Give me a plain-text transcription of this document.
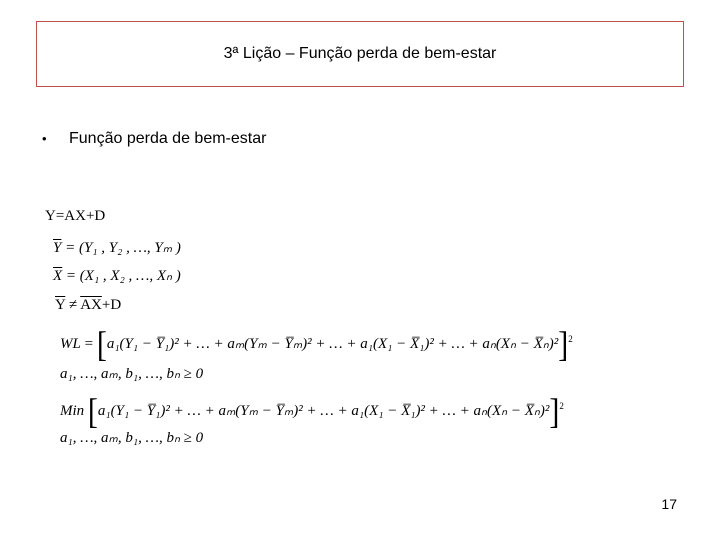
3ª Lição – Função perda de bem-estar
•	Função perda de bem-estar
Y=AX+D
$\overline{Y} = (Y_1$ , Y₂ , …, Yₘ )
$\overline{X} = (X_1$ , X₂ , …, Xₙ )
$\overline{Y} \ne \overline{AX}+D$
WL = [a₁(Y₁ − Y̅₁)² + … + aₘ(Yₘ − Y̅ₘ)² + … + a₁(X₁ − X̅₁)² + … + aₙ(Xₙ − X̅ₙ)²]$^2$
a₁, …, aₘ, b₁, …, bₙ ≥ 0
Min [a₁(Y₁ − Y̅₁)² + … + aₘ(Yₘ − Y̅ₘ)² + … + a₁(X₁ − X̅₁)² + … + aₙ(Xₙ − X̅ₙ)²]$^2$
a₁, …, aₘ, b₁, …, bₙ ≥ 0
17
